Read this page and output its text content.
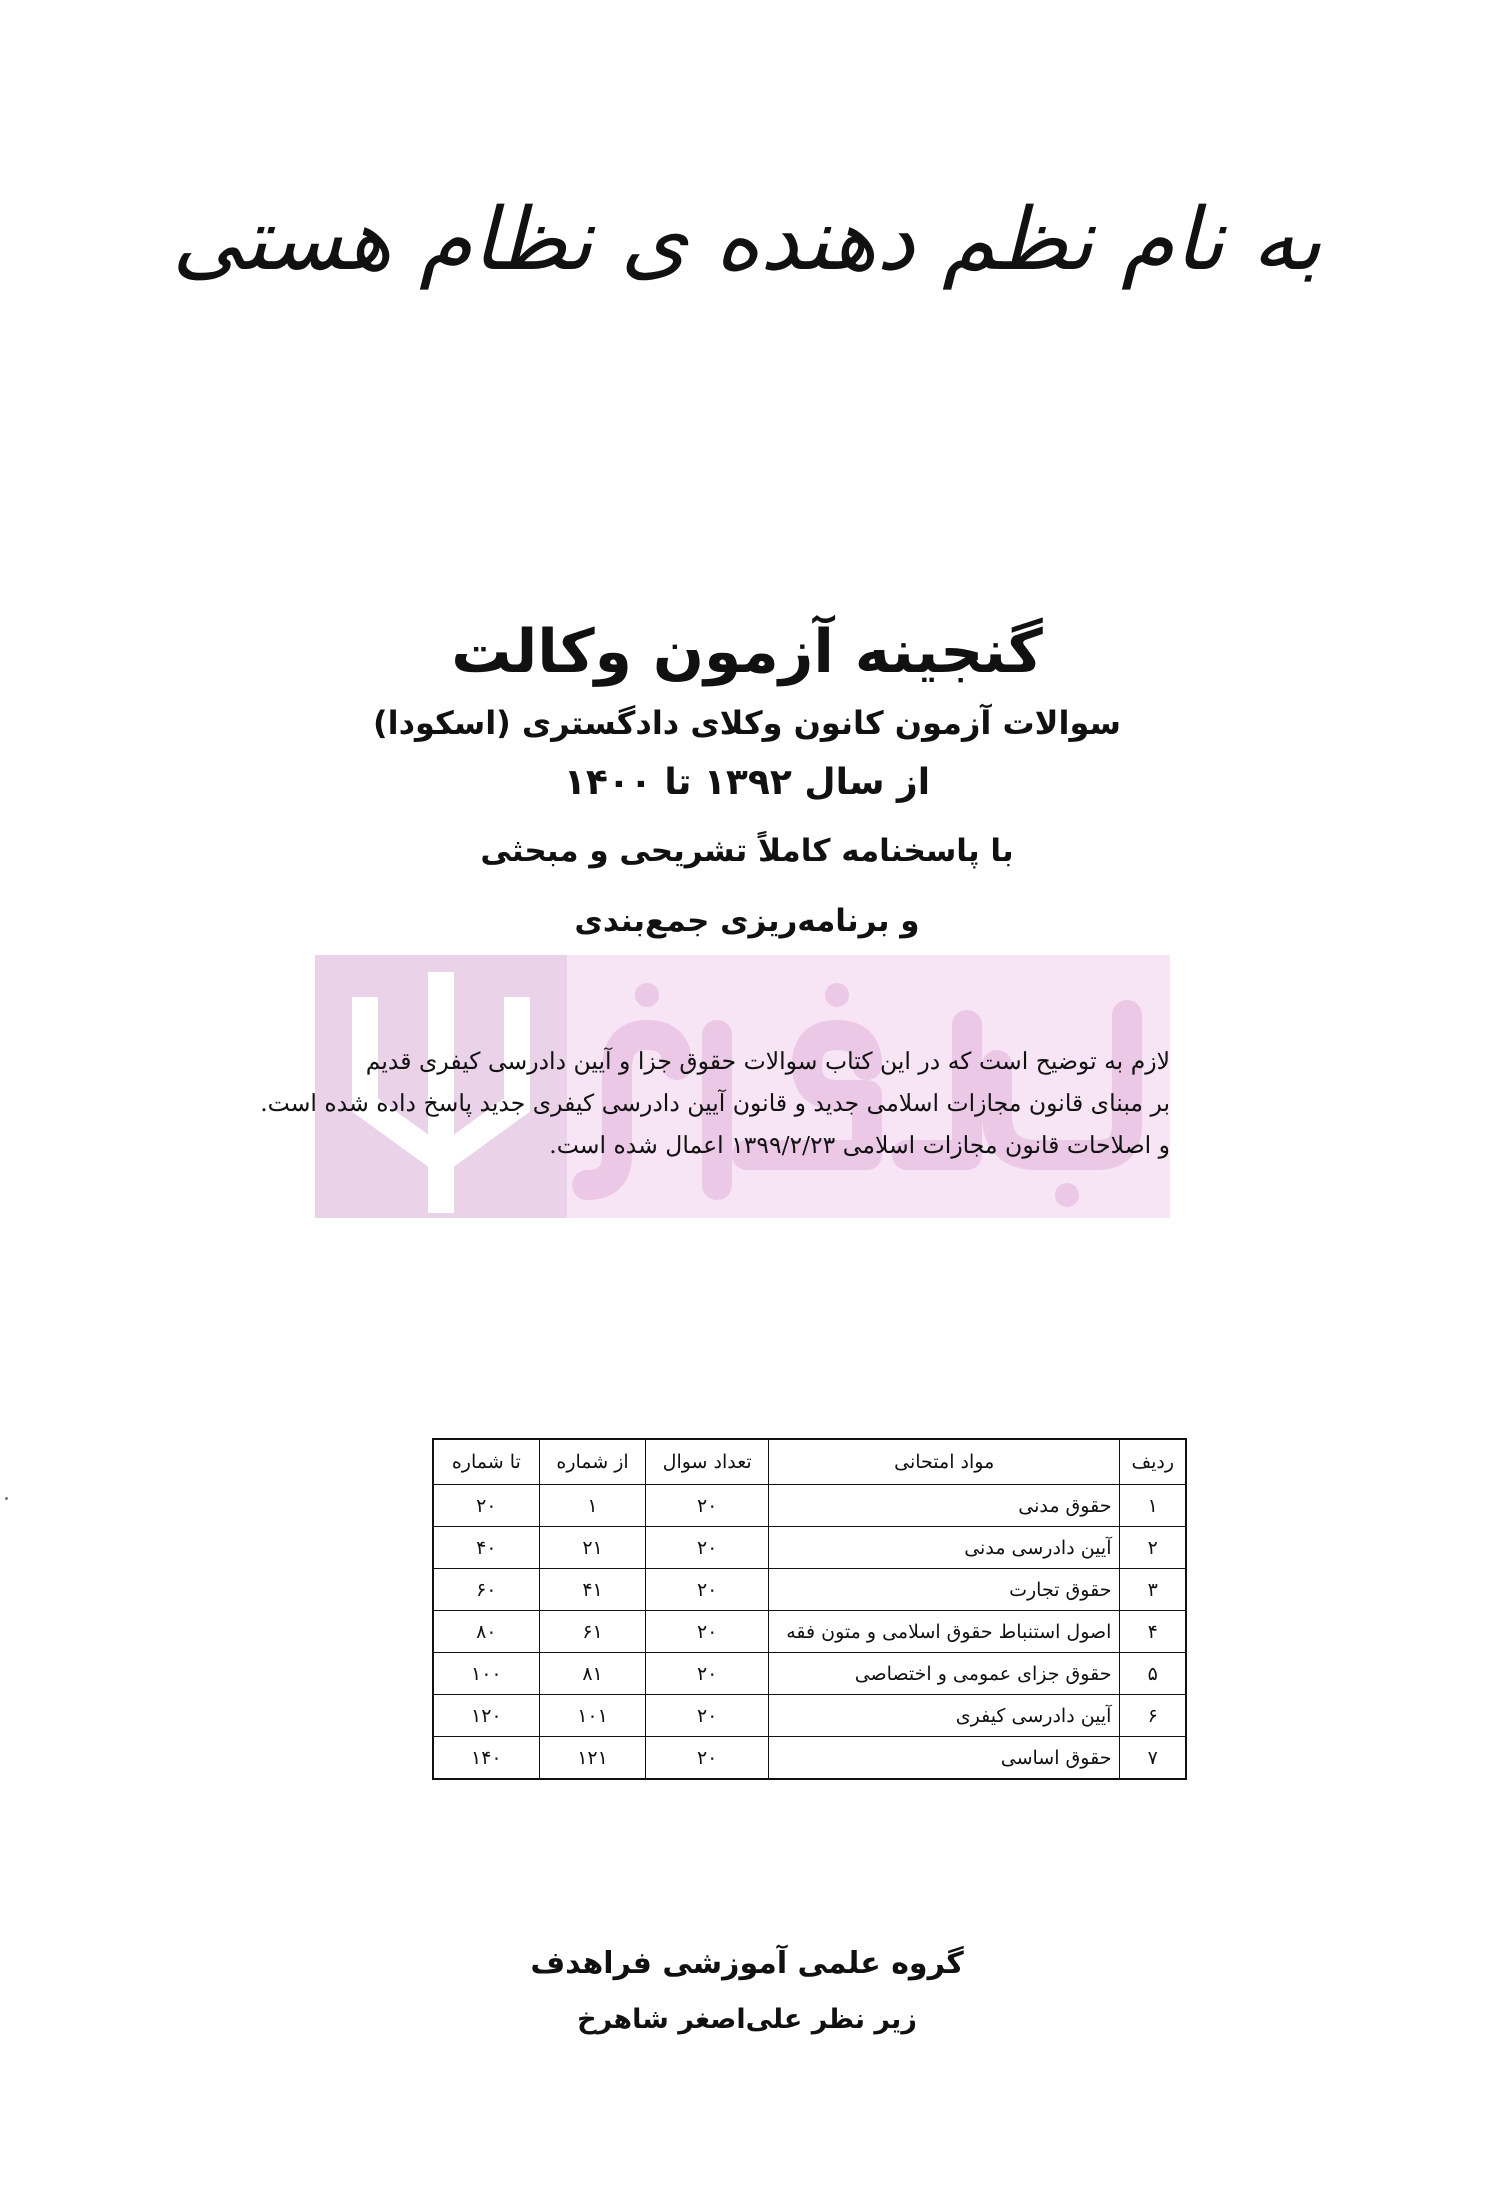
به نام نظم دهنده ی نظام هستی
گنجینه آزمون وکالت
سوالات آزمون کانون وکلای دادگستری (اسکودا)
از سال ۱۳۹۲ تا ۱۴۰۰
با پاسخنامه کاملاً تشریحی و مبحثی
و برنامه‌ریزی جمع‌بندی
لازم به توضیح است که در این کتاب سوالات حقوق جزا و آیین دادرسی کیفری قدیم
بر مبنای قانون مجازات اسلامی جدید و قانون آیین دادرسی کیفری جدید پاسخ داده شده است.
و اصلاحات قانون مجازات اسلامی ۱۳۹۹/۲/۲۳ اعمال شده است.
ردیف	مواد امتحانی	تعداد سوال	از شماره	تا شماره
۱	حقوق مدنی	۲۰	۱	۲۰
۲	آیین دادرسی مدنی	۲۰	۲۱	۴۰
۳	حقوق تجارت	۲۰	۴۱	۶۰
۴	اصول استنباط حقوق اسلامی و متون فقه	۲۰	۶۱	۸۰
۵	حقوق جزای عمومی و اختصاصی	۲۰	۸۱	۱۰۰
۶	آیین دادرسی کیفری	۲۰	۱۰۱	۱۲۰
۷	حقوق اساسی	۲۰	۱۲۱	۱۴۰
گروه علمی آموزشی فراهدف
زیر نظر علی‌اصغر شاهرخ
